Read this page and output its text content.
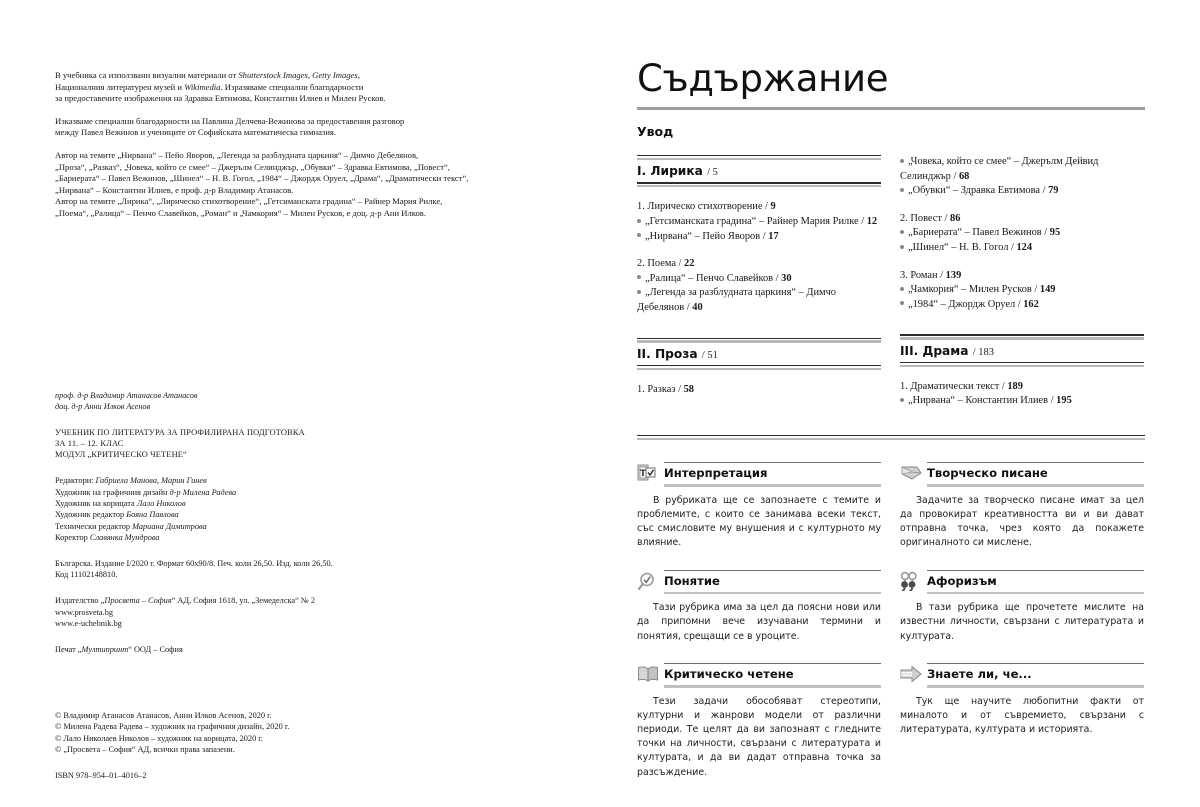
В учебника са използвани визуални материали от Shutterstock Images, Getty Images,
Националния литературен музей и Wikimedia. Изразяваме специални благодарности
за предоставените изображения на Здравка Евтимова, Константин Илиев и Милен Русков.
Изказваме специални благодарности на Павлина Делчева-Вежинова за предоставения разговор
между Павел Вежинов и учениците от Софийската математическа гимназия.
Автор на темите „Нирвана“ – Пейо Яворов, „Легенда за разблудната царкиня“ – Димчо Дебелянов,
„Проза“, „Разказ“, „Човека, който се смее“ – Джерълм Селинджър, „Обувки“ – Здравка Евтимова, „Повест“,
„Бариерата“ – Павел Вежинов, „Шинел“ – Н. В. Гогол, „1984“ – Джордж Оруел, „Драма“, „Драматически текст“,
„Нирвана“ – Константин Илиев, е проф. д-р Владимир Атанасов.
Автор на темите „Лирика“, „Лирическо стихотворение“, „Гетсиманската градина“ – Райнер Мария Рилке,
„Поема“, „Ралица“ – Пенчо Славейков, „Роман“ и „Чамкория“ – Милен Русков, е доц. д-р Ани Илков.
проф. д-р Владимир Атанасов Атанасов
доц. д-р Анни Илков Асенов
УЧЕБНИК ПО ЛИТЕРАТУРА ЗА ПРОФИЛИРАНА ПОДГОТОВКА
ЗА 11. – 12. КЛАС
МОДУЛ „КРИТИЧЕСКО ЧЕТЕНЕ“
Редактори: Габриела Манова, Марин Гинев
Художник на графичния дизайн д-р Милена Радева
Художник на корицата Лало Николов
Художник редактор Бояна Павлова
Технически редактор Мариана Димитрова
Коректор Славянка Мундрова
Българска. Издание I/2020 г. Формат 60х90/8. Печ. коли 26,50. Изд. коли 26,50.
Код 11102148810.
Издателство „Просвета – София“ АД, София 1618, ул. „Земеделска“ № 2
www.prosveta.bg
www.e-uchebnik.bg
Печат „Мултипринт“ ООД – София
© Владимир Атанасов Атанасов, Анни Илков Асенов, 2020 г.
© Милена Радева Радева – художник на графичния дизайн, 2020 г.
© Лало Николаев Николов – художник на корицата, 2020 г.
© „Просвета – София“ АД, всички права запазени.
ISBN 978–954–01–4016–2
Съдържание
Увод
I. Лирика / 5
1. Лирическо стихотворение / 9
„Гетсиманската градина“ – Райнер Мария Рилке / 12
„Нирвана“ – Пейо Яворов / 17
2. Поема / 22
„Ралица“ – Пенчо Славейков / 30
„Легенда за разблудната царкиня“ – Димчо Дебелянов / 40
II. Проза / 51
1. Разказ / 58
„Човека, който се смее“ – Джерълм Дейвид Селинджър / 68
„Обувки“ – Здравка Евтимова / 79
2. Повест / 86
„Бариерата“ – Павел Вежинов / 95
„Шинел“ – Н. В. Гогол / 124
3. Роман / 139
„Чамкория“ – Милен Русков / 149
„1984“ – Джордж Оруел / 162
III. Драма / 183
1. Драматически текст / 189
„Нирвана“ – Константин Илиев / 195
T Интерпретация
В рубриката ще се запознаете с темите и проблемите, с които се занимава всеки текст, със смисловите му внушения и с културното му влияние.
Понятие
Тази рубрика има за цел да поясни нови или да припомни вече изучавани термини и понятия, срещащи се в уроците.
Критическо четене
Тези задачи обособяват стереотипи, културни и жанрови модели от различни периоди. Те целят да ви запознаят с гледните точки на личности, свързани с литературата и културата, и да ви дадат отправна точка за разсъждение.
Творческо писане
Задачите за творческо писане имат за цел да провокират креативността ви и ви дават отправна точка, чрез която да покажете оригиналното си мислене.
Афоризъм
В тази рубрика ще прочетете мислите на известни личности, свързани с литературата и културата.
Знаете ли, че...
Тук ще научите любопитни факти от миналото и от съвремието, свързани с литературата, културата и историята.
